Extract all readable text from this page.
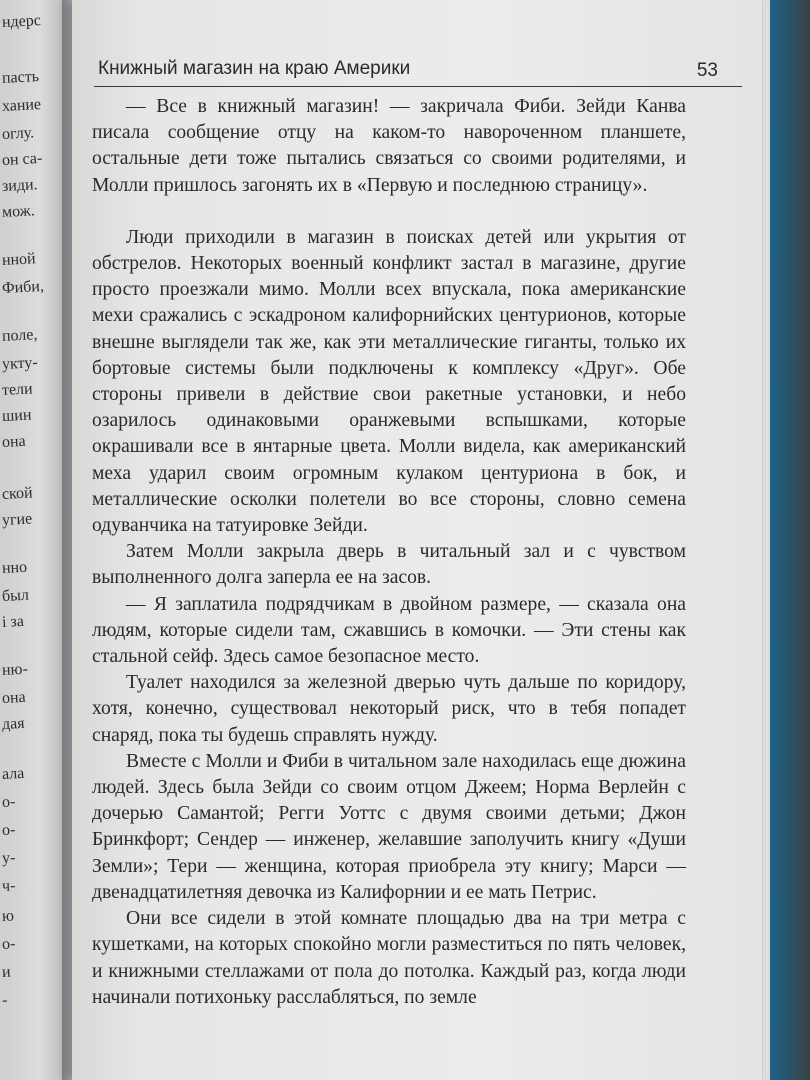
ндерс
пасть
хание
оглу.
он са-
зиди.
мож.
нной
Фиби,
поле,
укту-
тели
шин
она
ской
угие
нно
был
і за
ню-
она
дая
ала
о-
о-
у-
ч-
ю
о-
и
-
Книжный магазин на краю Америки	53

— Все в книжный магазин! — закричала Фиби. Зейди Канва писала сообщение отцу на каком-то навороченном планшете, остальные дети тоже пытались связаться со своими родителями, и Молли пришлось загонять их в «Первую и последнюю страницу».

Люди приходили в магазин в поисках детей или укрытия от обстрелов. Некоторых военный конфликт застал в магазине, другие просто проезжали мимо. Молли всех впускала, пока американские мехи сражались с эскадроном калифорнийских центурионов, которые внешне выглядели так же, как эти металлические гиганты, только их бортовые системы были подключены к комплексу «Друг». Обе стороны привели в действие свои ракетные установки, и небо озарилось одинаковыми оранжевыми вспышками, которые окрашивали все в янтарные цвета. Молли видела, как американский меха ударил своим огромным кулаком центуриона в бок, и металлические осколки полетели во все стороны, словно семена одуванчика на татуировке Зейди.

Затем Молли закрыла дверь в читальный зал и с чувством выполненного долга заперла ее на засов.

— Я заплатила подрядчикам в двойном размере, — сказала она людям, которые сидели там, сжавшись в комочки. — Эти стены как стальной сейф. Здесь самое безопасное место.

Туалет находился за железной дверью чуть дальше по коридору, хотя, конечно, существовал некоторый риск, что в тебя попадет снаряд, пока ты будешь справлять нужду.

Вместе с Молли и Фиби в читальном зале находилась еще дюжина людей. Здесь была Зейди со своим отцом Джеем; Норма Верлейн с дочерью Самантой; Регги Уоттс с двумя своими детьми; Джон Бринкфорт; Сендер — инженер, желавшие заполучить книгу «Души Земли»; Тери — женщина, которая приобрела эту книгу; Марси — двенадцатилетняя девочка из Калифорнии и ее мать Петрис.

Они все сидели в этой комнате площадью два на три метра с кушетками, на которых спокойно могли разместиться по пять человек, и книжными стеллажами от пола до потолка. Каждый раз, когда люди начинали потихоньку расслабляться, по земле
